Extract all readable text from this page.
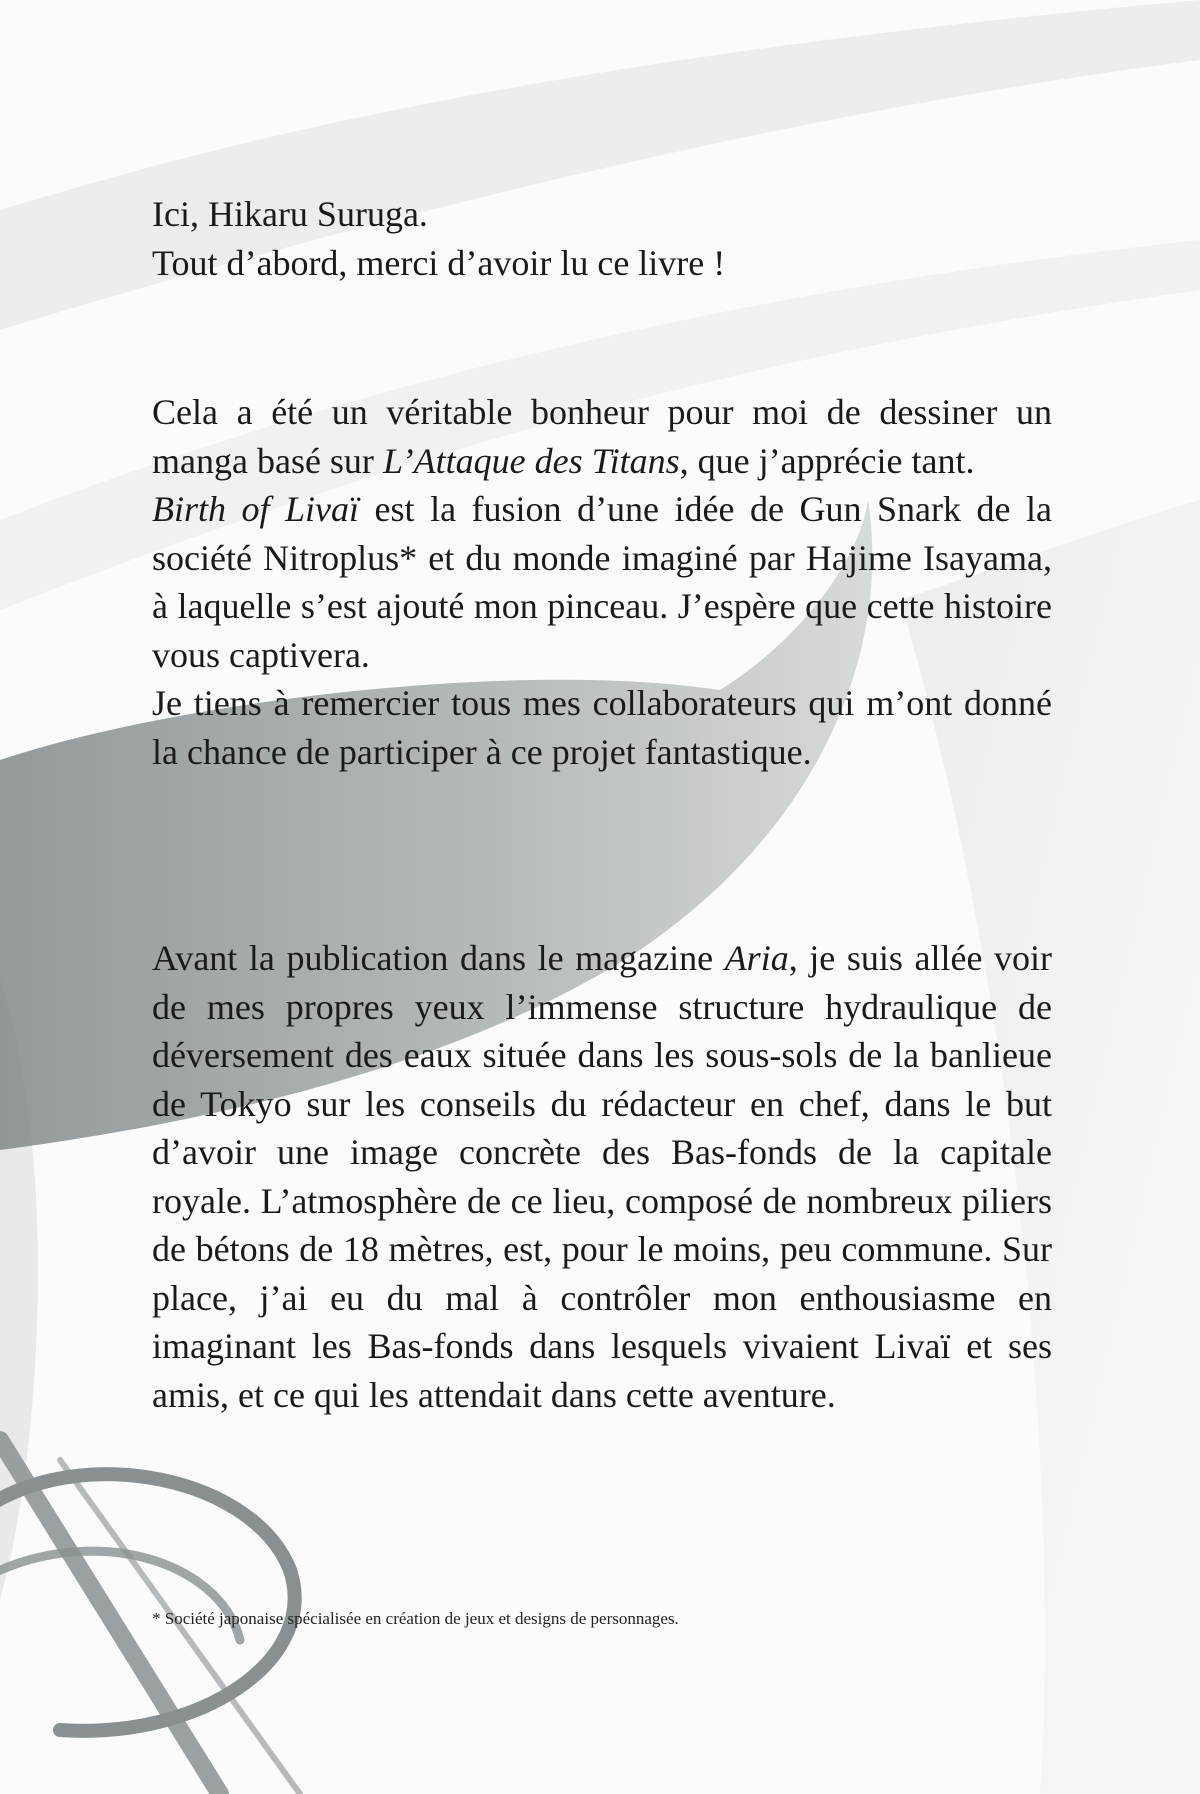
Ici, Hikaru Suruga.

Tout d’abord, merci d’avoir lu ce livre !

Cela a été un véritable bonheur pour moi de dessiner un manga basé sur L’Attaque des Titans, que j’apprécie tant.

Birth of Livaï est la fusion d’une idée de Gun Snark de la société Nitroplus* et du monde imaginé par Hajime Isayama, à laquelle s’est ajouté mon pinceau. J’espère que cette histoire vous captivera.

Je tiens à remercier tous mes collaborateurs qui m’ont donné la chance de participer à ce projet fantastique.

Avant la publication dans le magazine Aria, je suis allée voir de mes propres yeux l’immense structure hydraulique de déversement des eaux située dans les sous-sols de la banlieue de Tokyo sur les conseils du rédacteur en chef, dans le but d’avoir une image concrète des Bas-fonds de la capitale royale. L’atmosphère de ce lieu, composé de nombreux piliers de bétons de 18 mètres, est, pour le moins, peu commune. Sur place, j’ai eu du mal à contrôler mon enthousiasme en imaginant les Bas-fonds dans lesquels vivaient Livaï et ses amis, et ce qui les attendait dans cette aventure.

* Société japonaise spécialisée en création de jeux et designs de personnages.
